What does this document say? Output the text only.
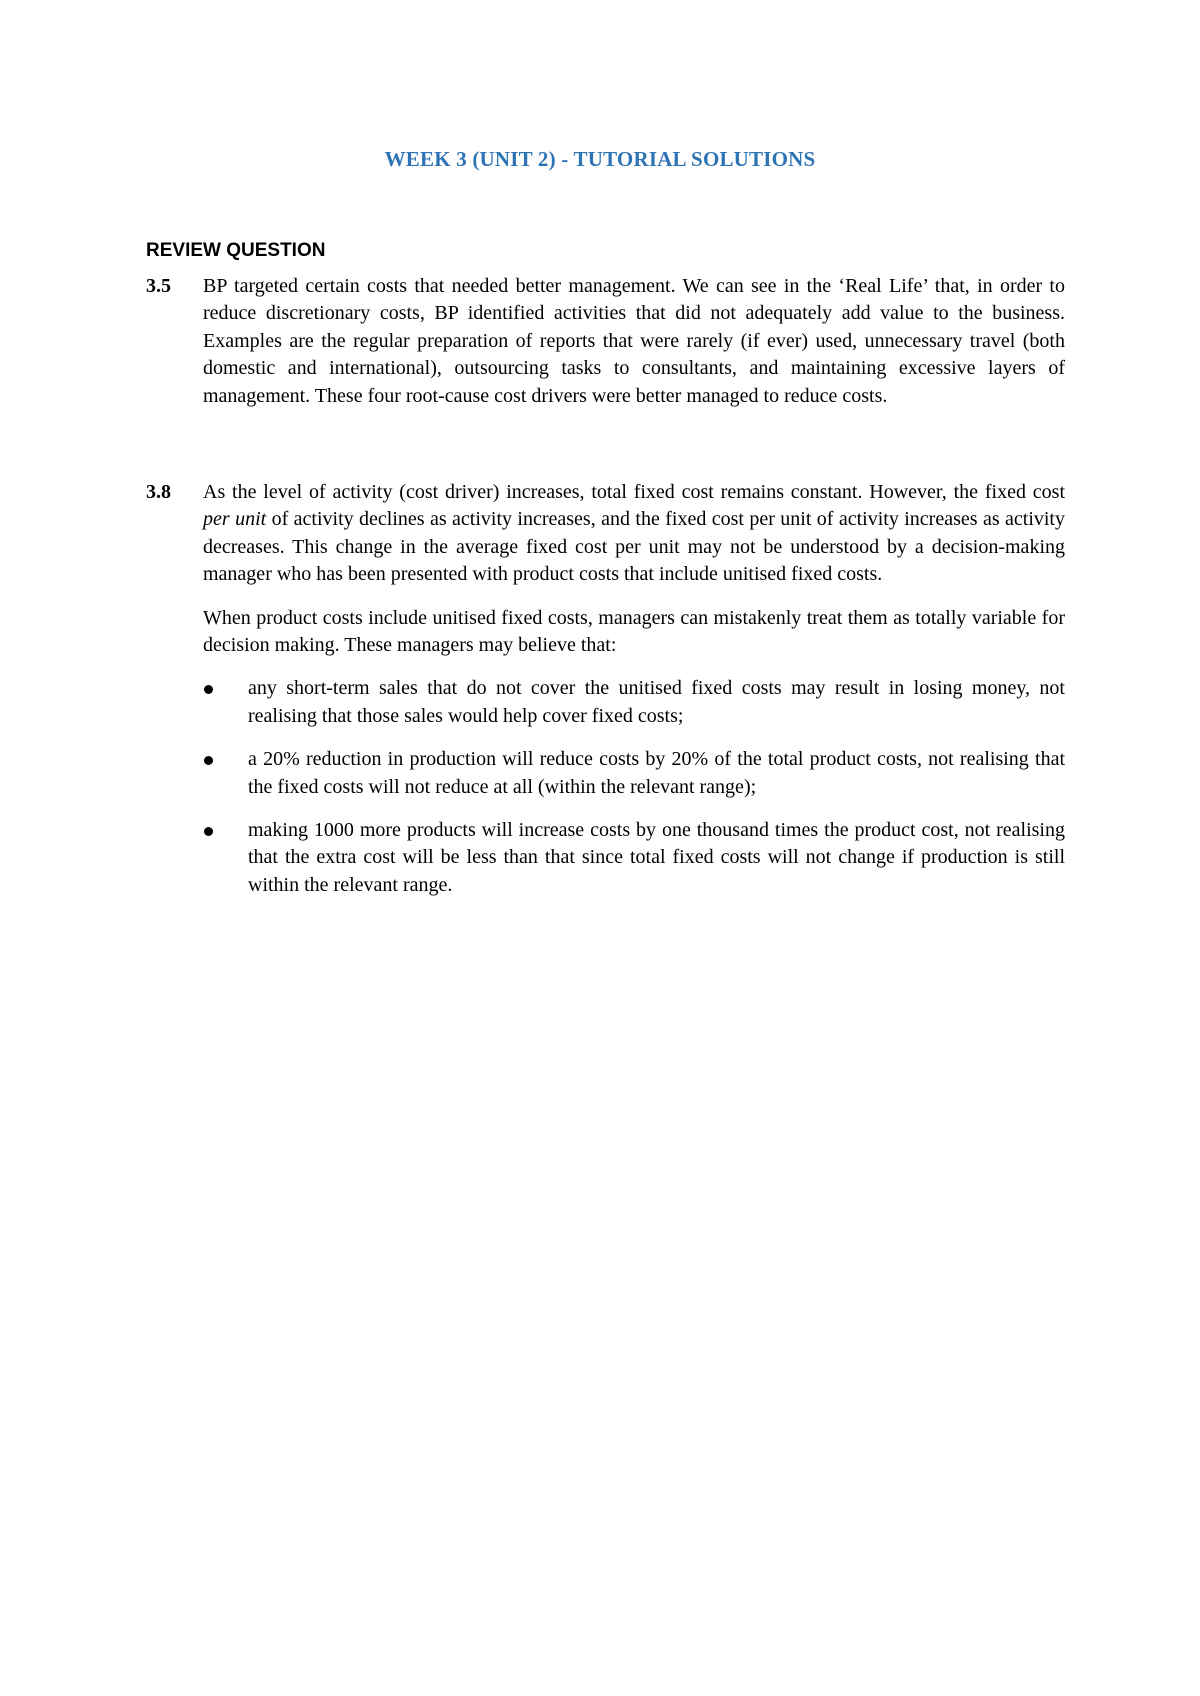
WEEK 3 (UNIT 2) - TUTORIAL SOLUTIONS
REVIEW QUESTION
3.5 BP targeted certain costs that needed better management. We can see in the ‘Real Life’ that, in order to reduce discretionary costs, BP identified activities that did not adequately add value to the business. Examples are the regular preparation of reports that were rarely (if ever) used, unnecessary travel (both domestic and international), outsourcing tasks to consultants, and maintaining excessive layers of management. These four root-cause cost drivers were better managed to reduce costs.

3.8 As the level of activity (cost driver) increases, total fixed cost remains constant. However, the fixed cost per unit of activity declines as activity increases, and the fixed cost per unit of activity increases as activity decreases. This change in the average fixed cost per unit may not be understood by a decision-making manager who has been presented with product costs that include unitised fixed costs.

When product costs include unitised fixed costs, managers can mistakenly treat them as totally variable for decision making. These managers may believe that:

any short-term sales that do not cover the unitised fixed costs may result in losing money, not realising that those sales would help cover fixed costs;
a 20% reduction in production will reduce costs by 20% of the total product costs, not realising that the fixed costs will not reduce at all (within the relevant range);
making 1000 more products will increase costs by one thousand times the product cost, not realising that the extra cost will be less than that since total fixed costs will not change if production is still within the relevant range.
